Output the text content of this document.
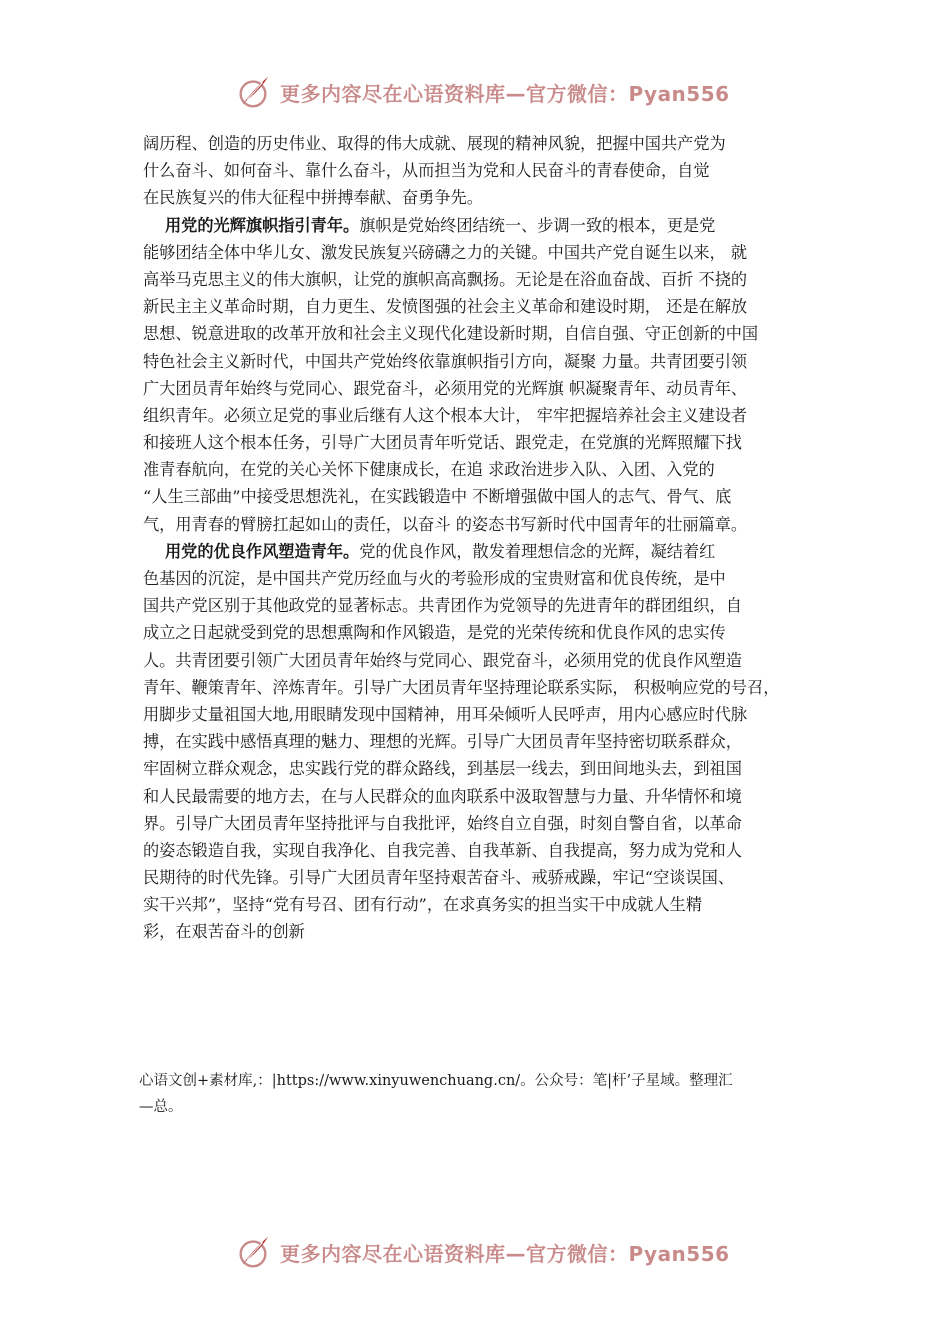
更多内容尽在心语资料库—官方微信：Pyan556
阔历程、创造的历史伟业、取得的伟大成就、展现的精神风貌，把握中国共产党为
什么奋斗、如何奋斗、靠什么奋斗，从而担当为党和人民奋斗的青春使命，自觉
在民族复兴的伟大征程中拼搏奉献、奋勇争先。
用党的光辉旗帜指引青年。旗帜是党始终团结统一、步调一致的根本，更是党
能够团结全体中华儿女、激发民族复兴磅礴之力的关键。中国共产党自诞生以来， 就
高举马克思主义的伟大旗帜，让党的旗帜高高飘扬。无论是在浴血奋战、百折 不挠的
新民主主义革命时期，自力更生、发愤图强的社会主义革命和建设时期， 还是在解放
思想、锐意进取的改革开放和社会主义现代化建设新时期，自信自强、守正创新的中国
特色社会主义新时代，中国共产党始终依靠旗帜指引方向，凝聚 力量。共青团要引领
广大团员青年始终与党同心、跟党奋斗，必须用党的光辉旗 帜凝聚青年、动员青年、
组织青年。必须立足党的事业后继有人这个根本大计， 牢牢把握培养社会主义建设者
和接班人这个根本任务，引导广大团员青年听党话、跟党走，在党旗的光辉照耀下找
准青春航向，在党的关心关怀下健康成长，在追 求政治进步入队、入团、入党的
“人生三部曲”中接受思想洗礼，在实践锻造中 不断增强做中国人的志气、骨气、底
气，用青春的臂膀扛起如山的责任，以奋斗 的姿态书写新时代中国青年的壮丽篇章。
用党的优良作风塑造青年。党的优良作风，散发着理想信念的光辉，凝结着红
色基因的沉淀，是中国共产党历经血与火的考验形成的宝贵财富和优良传统，是中
国共产党区别于其他政党的显著标志。共青团作为党领导的先进青年的群团组织，自
成立之日起就受到党的思想熏陶和作风锻造，是党的光荣传统和优良作风的忠实传
人。共青团要引领广大团员青年始终与党同心、跟党奋斗，必须用党的优良作风塑造
青年、鞭策青年、淬炼青年。引导广大团员青年坚持理论联系实际， 积极响应党的号召，
用脚步丈量祖国大地,用眼睛发现中国精神，用耳朵倾听人民呼声，用内心感应时代脉
搏，在实践中感悟真理的魅力、理想的光辉。引导广大团员青年坚持密切联系群众，
牢固树立群众观念，忠实践行党的群众路线，到基层一线去，到田间地头去，到祖国
和人民最需要的地方去，在与人民群众的血肉联系中汲取智慧与力量、升华情怀和境
界。引导广大团员青年坚持批评与自我批评，始终自立自强，时刻自警自省，以革命
的姿态锻造自我，实现自我净化、自我完善、自我革新、自我提高，努力成为党和人
民期待的时代先锋。引导广大团员青年坚持艰苦奋斗、戒骄戒躁，牢记“空谈误国、
实干兴邦”，坚持“党有号召、团有行动”，在求真务实的担当实干中成就人生精
彩，在艰苦奋斗的创新
心语文创+素材库,：|https://www.xinyuwenchuang.cn/。公众号：笔|杆’子星域。整理汇
—总。
更多内容尽在心语资料库—官方微信：Pyan556
